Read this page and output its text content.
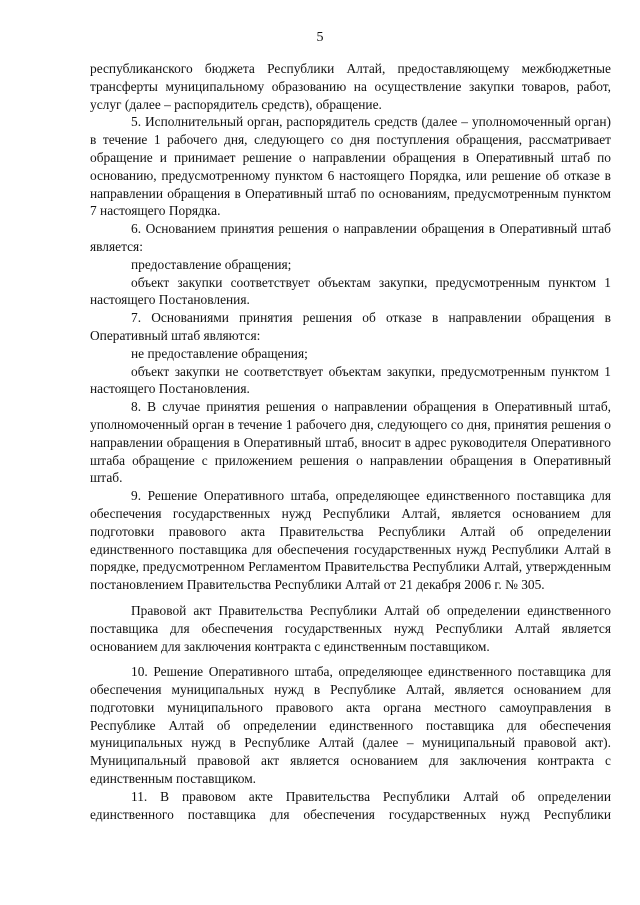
5

республиканского бюджета Республики Алтай, предоставляющему межбюджетные трансферты муниципальному образованию на осуществление закупки товаров, работ, услуг (далее – распорядитель средств), обращение.

5. Исполнительный орган, распорядитель средств (далее – уполномоченный орган) в течение 1 рабочего дня, следующего со дня поступления обращения, рассматривает обращение и принимает решение о направлении обращения в Оперативный штаб по основанию, предусмотренному пунктом 6 настоящего Порядка, или решение об отказе в направлении обращения в Оперативный штаб по основаниям, предусмотренным пунктом 7 настоящего Порядка.

6. Основанием принятия решения о направлении обращения в Оперативный штаб является:

предоставление обращения;

объект закупки соответствует объектам закупки, предусмотренным пунктом 1 настоящего Постановления.

7. Основаниями принятия решения об отказе в направлении обращения в Оперативный штаб являются:

не предоставление обращения;

объект закупки не соответствует объектам закупки, предусмотренным пунктом 1 настоящего Постановления.

8. В случае принятия решения о направлении обращения в Оперативный штаб, уполномоченный орган в течение 1 рабочего дня, следующего со дня, принятия решения о направлении обращения в Оперативный штаб, вносит в адрес руководителя Оперативного штаба обращение с приложением решения о направлении обращения в Оперативный штаб.

9. Решение Оперативного штаба, определяющее единственного поставщика для обеспечения государственных нужд Республики Алтай, является основанием для подготовки правового акта Правительства Республики Алтай об определении единственного поставщика для обеспечения государственных нужд Республики Алтай в порядке, предусмотренном Регламентом Правительства Республики Алтай, утвержденным постановлением Правительства Республики Алтай от 21 декабря 2006 г. № 305.

Правовой акт Правительства Республики Алтай об определении единственного поставщика для обеспечения государственных нужд Республики Алтай является основанием для заключения контракта с единственным поставщиком.

10. Решение Оперативного штаба, определяющее единственного поставщика для обеспечения муниципальных нужд в Республике Алтай, является основанием для подготовки муниципального правового акта органа местного самоуправления в Республике Алтай об определении единственного поставщика для обеспечения муниципальных нужд в Республике Алтай (далее – муниципальный правовой акт). Муниципальный правовой акт является основанием для заключения контракта с единственным поставщиком.

11. В правовом акте Правительства Республики Алтай об определении единственного поставщика для обеспечения государственных нужд Республики
